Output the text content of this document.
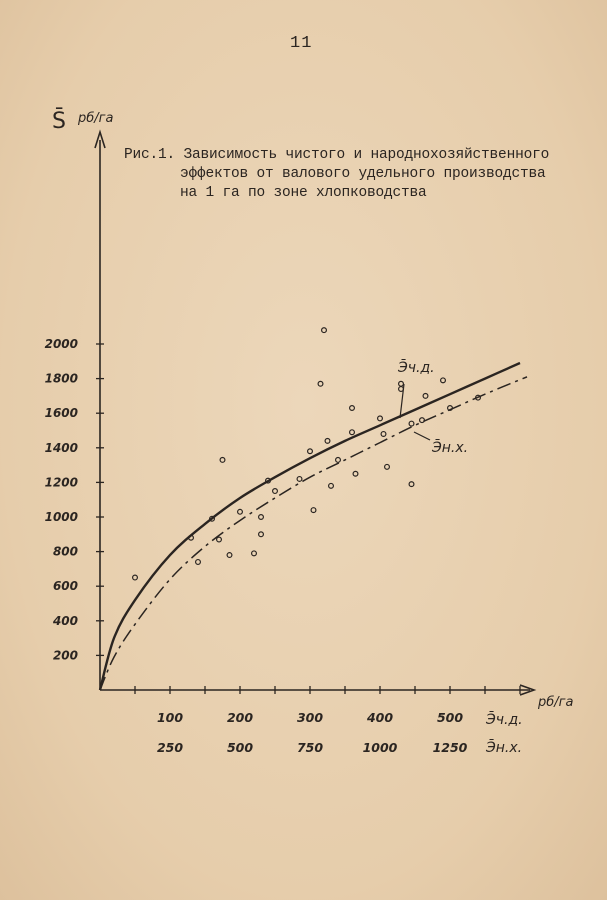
11
Рис.1. Зависимость чистого и народнохозяйственного
эффектов от валового удельного производства
на 1 га по зоне хлопководства
2000
1800
1600
1400
1200
1000
800
600
400
200
100	200	300	400	500
250	500	750	1000	1250
S̄ рб/га
рб/га
Э̄ч.д.
Э̄н.х.
Э̄ч.д.
Э̄н.х.
